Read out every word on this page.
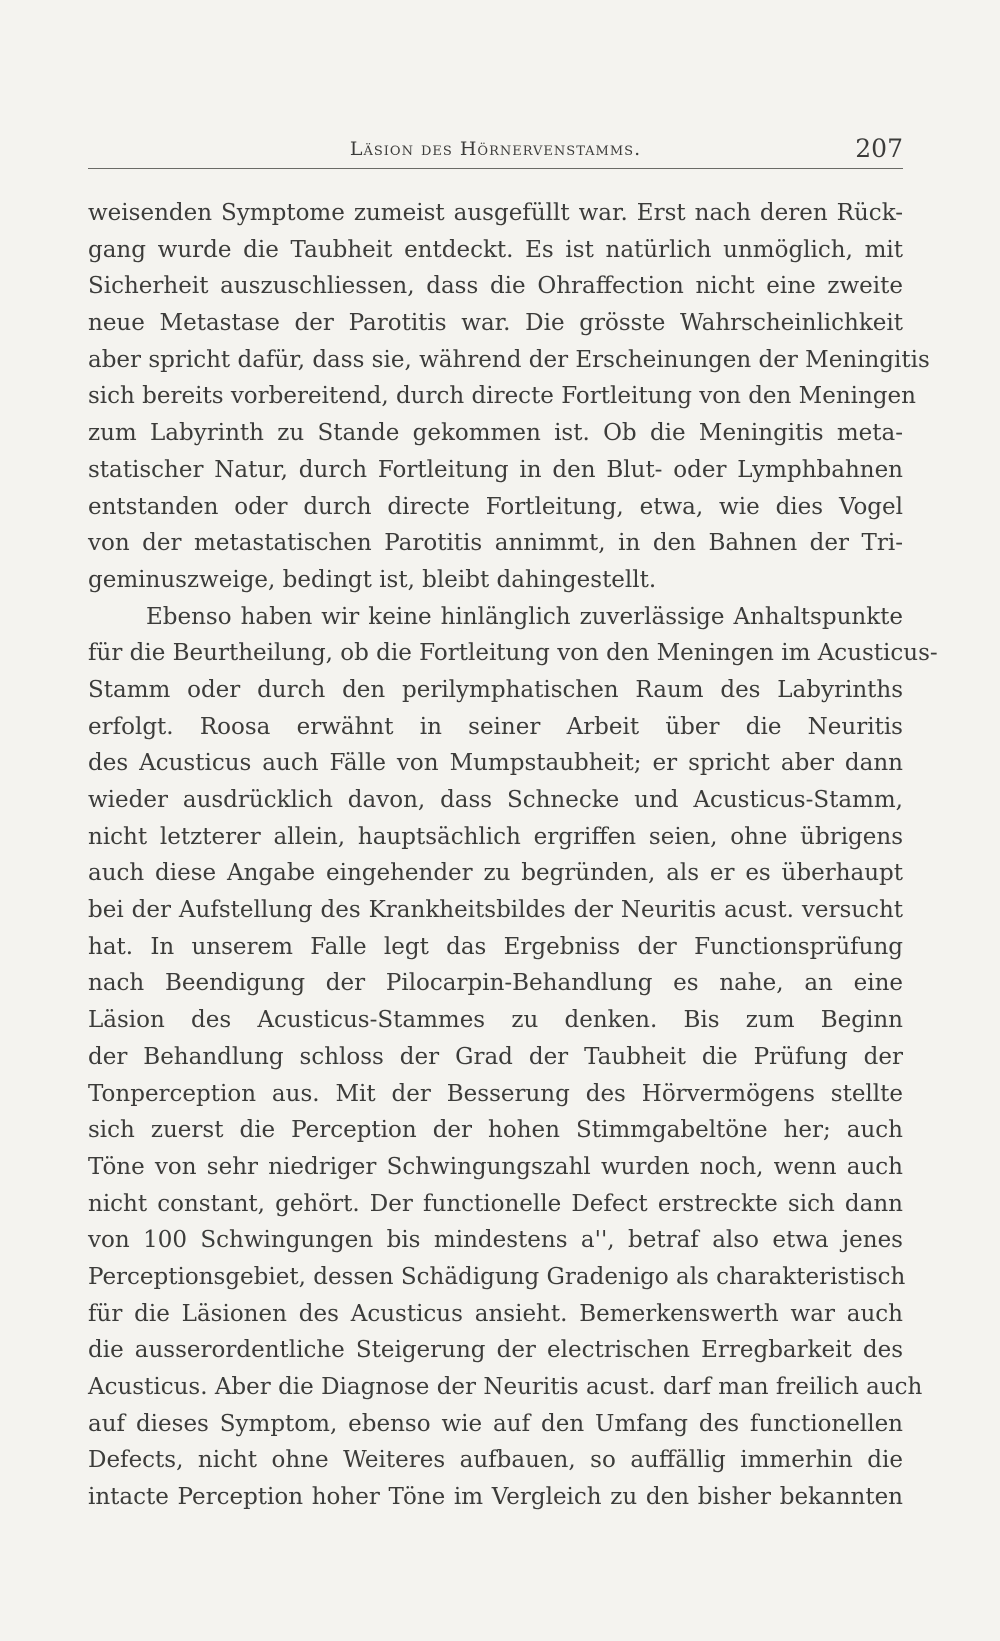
Läsion des Hörnervenstamms.	207
weisenden Symptome zumeist ausgefüllt war. Erst nach deren Rück-
gang wurde die Taubheit entdeckt. Es ist natürlich unmöglich, mit
Sicherheit auszuschliessen, dass die Ohraffection nicht eine zweite
neue Metastase der Parotitis war. Die grösste Wahrscheinlichkeit
aber spricht dafür, dass sie, während der Erscheinungen der Meningitis
sich bereits vorbereitend, durch directe Fortleitung von den Meningen
zum Labyrinth zu Stande gekommen ist. Ob die Meningitis meta-
statischer Natur, durch Fortleitung in den Blut- oder Lymphbahnen
entstanden oder durch directe Fortleitung, etwa, wie dies Vogel
von der metastatischen Parotitis annimmt, in den Bahnen der Tri-
geminuszweige, bedingt ist, bleibt dahingestellt.
Ebenso haben wir keine hinlänglich zuverlässige Anhaltspunkte
für die Beurtheilung, ob die Fortleitung von den Meningen im Acusticus-
Stamm oder durch den perilymphatischen Raum des Labyrinths
erfolgt. Roosa erwähnt in seiner Arbeit über die Neuritis
des Acusticus auch Fälle von Mumpstaubheit; er spricht aber dann
wieder ausdrücklich davon, dass Schnecke und Acusticus-Stamm,
nicht letzterer allein, hauptsächlich ergriffen seien, ohne übrigens
auch diese Angabe eingehender zu begründen, als er es überhaupt
bei der Aufstellung des Krankheitsbildes der Neuritis acust. versucht
hat. In unserem Falle legt das Ergebniss der Functionsprüfung
nach Beendigung der Pilocarpin-Behandlung es nahe, an eine
Läsion des Acusticus-Stammes zu denken. Bis zum Beginn
der Behandlung schloss der Grad der Taubheit die Prüfung der
Tonperception aus. Mit der Besserung des Hörvermögens stellte
sich zuerst die Perception der hohen Stimmgabeltöne her; auch
Töne von sehr niedriger Schwingungszahl wurden noch, wenn auch
nicht constant, gehört. Der functionelle Defect erstreckte sich dann
von 100 Schwingungen bis mindestens a'', betraf also etwa jenes
Perceptionsgebiet, dessen Schädigung Gradenigo als charakteristisch
für die Läsionen des Acusticus ansieht. Bemerkenswerth war auch
die ausserordentliche Steigerung der electrischen Erregbarkeit des
Acusticus. Aber die Diagnose der Neuritis acust. darf man freilich auch
auf dieses Symptom, ebenso wie auf den Umfang des functionellen
Defects, nicht ohne Weiteres aufbauen, so auffällig immerhin die
intacte Perception hoher Töne im Vergleich zu den bisher bekannten
